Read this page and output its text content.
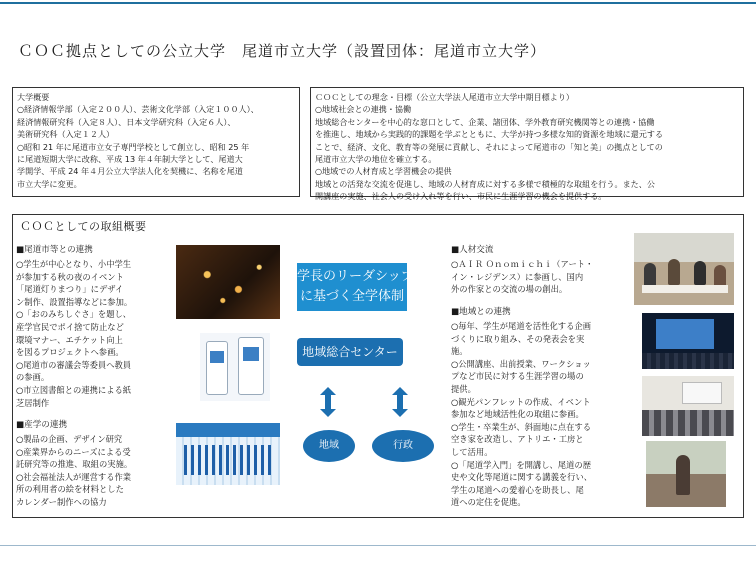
ＣＯＣ拠点としての公立大学　尾道市立大学（設置団体：尾道市立大学）
大学概要
○経済情報学部（入定２００人）、芸術文化学部（入定１００人）、
経済情報研究科（入定８人）、日本文学研究科（入定６人）、
美術研究科（入定１２人）
○昭和 21 年に尾道市立女子専門学校として創立し、昭和 25 年
に尾道短期大学に改称、平成 13 年４年制大学として、尾道大
学開学、平成 24 年４月公立大学法人化を契機に、名称を尾道
市立大学に変更。
ＣＯＣとしての理念・目標（公立大学法人尾道市立大学中期目標より）
○地域社会との連携・協働
地域総合センターを中心的な窓口として、企業、諸団体、学外教育研究機関等との連携・協働
を推進し、地域から実践的的課題を学ぶとともに、大学が持つ多様な知的資源を地域に還元する
ことで、経済、文化、教育等の発展に貢献し、それによって尾道市の「知と美」の拠点としての
尾道市立大学の地位を確立する。
○地域での人材育成と学習機会の提供
地域との活発な交流を促進し、地域の人材育成に対する多様で積極的な取組を行う。また、公
開講座の実施、社会人の受け入れ等を行い、市民に生涯学習の機会を提供する。
ＣＯＣとしての取組概要
■尾道市等との連携
○学生が中心となり、小中学生
が参加する秋の夜のイベント
「尾道灯りまつり」にデザイ
ン制作、設置指導などに参加。
○「おのみちしぐさ」を題し、
産学官民でポイ捨て防止など
環境マナー、エチケット向上
を図るプロジェクトへ参画。
○尾道市の審議会等委員へ教員
の参画。
○市立図書館との連携による紙
芝居制作
■産学の連携
○製品の企画、デザイン研究
○産業界からのニーズによる受
託研究等の推進、取組の実施。
○社会福祉法人が運営する作業
所の利用者の絵を材料とした
カレンダー制作への協力
学長のリーダシップ
に基づく全学体制
地域総合センター
地域	行政
■人材交流
○ＡＩＲ Ｏｎｏｍｉｃｈｉ（アート・
イン・レジデンス）に参画し、国内
外の作家との交流の場の創出。
■地域との連携
○毎年、学生が尾道を活性化する企画
づくりに取り組み、その発表会を実
施。
○公開講座、出前授業、ワークショッ
プなど市民に対する生涯学習の場の
提供。
○観光パンフレットの作成、イベント
参加など地域活性化の取組に参画。
○学生・卒業生が、斜面地に点在する
空き家を改造し、アトリエ・工房と
して活用。
○「尾道学入門」を開講し、尾道の歴
史や文化等尾道に関する講義を行い、
学生の尾道への愛着心を助長し、尾
道への定住を促進。
